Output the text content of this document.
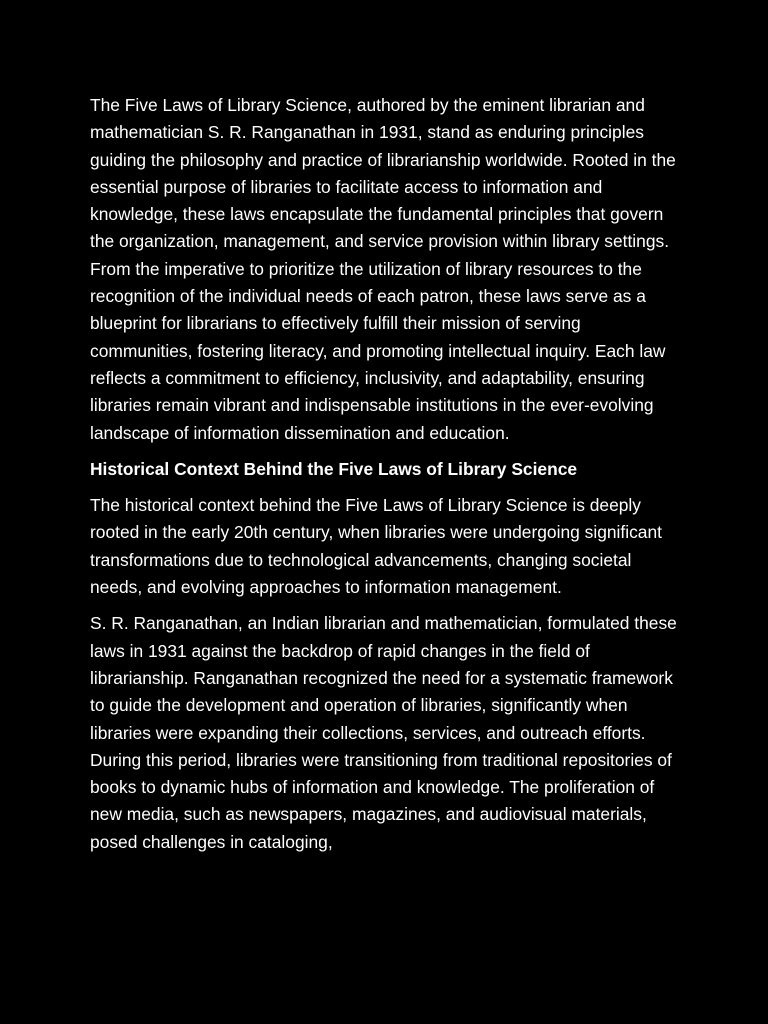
The Five Laws of Library Science, authored by the eminent librarian and mathematician S. R. Ranganathan in 1931, stand as enduring principles guiding the philosophy and practice of librarianship worldwide. Rooted in the essential purpose of libraries to facilitate access to information and knowledge, these laws encapsulate the fundamental principles that govern the organization, management, and service provision within library settings. From the imperative to prioritize the utilization of library resources to the recognition of the individual needs of each patron, these laws serve as a blueprint for librarians to effectively fulfill their mission of serving communities, fostering literacy, and promoting intellectual inquiry. Each law reflects a commitment to efficiency, inclusivity, and adaptability, ensuring libraries remain vibrant and indispensable institutions in the ever-evolving landscape of information dissemination and education.

Historical Context Behind the Five Laws of Library Science

The historical context behind the Five Laws of Library Science is deeply rooted in the early 20th century, when libraries were undergoing significant transformations due to technological advancements, changing societal needs, and evolving approaches to information management.

S. R. Ranganathan, an Indian librarian and mathematician, formulated these laws in 1931 against the backdrop of rapid changes in the field of librarianship. Ranganathan recognized the need for a systematic framework to guide the development and operation of libraries, significantly when libraries were expanding their collections, services, and outreach efforts. During this period, libraries were transitioning from traditional repositories of books to dynamic hubs of information and knowledge. The proliferation of new media, such as newspapers, magazines, and audiovisual materials, posed challenges in cataloging,
